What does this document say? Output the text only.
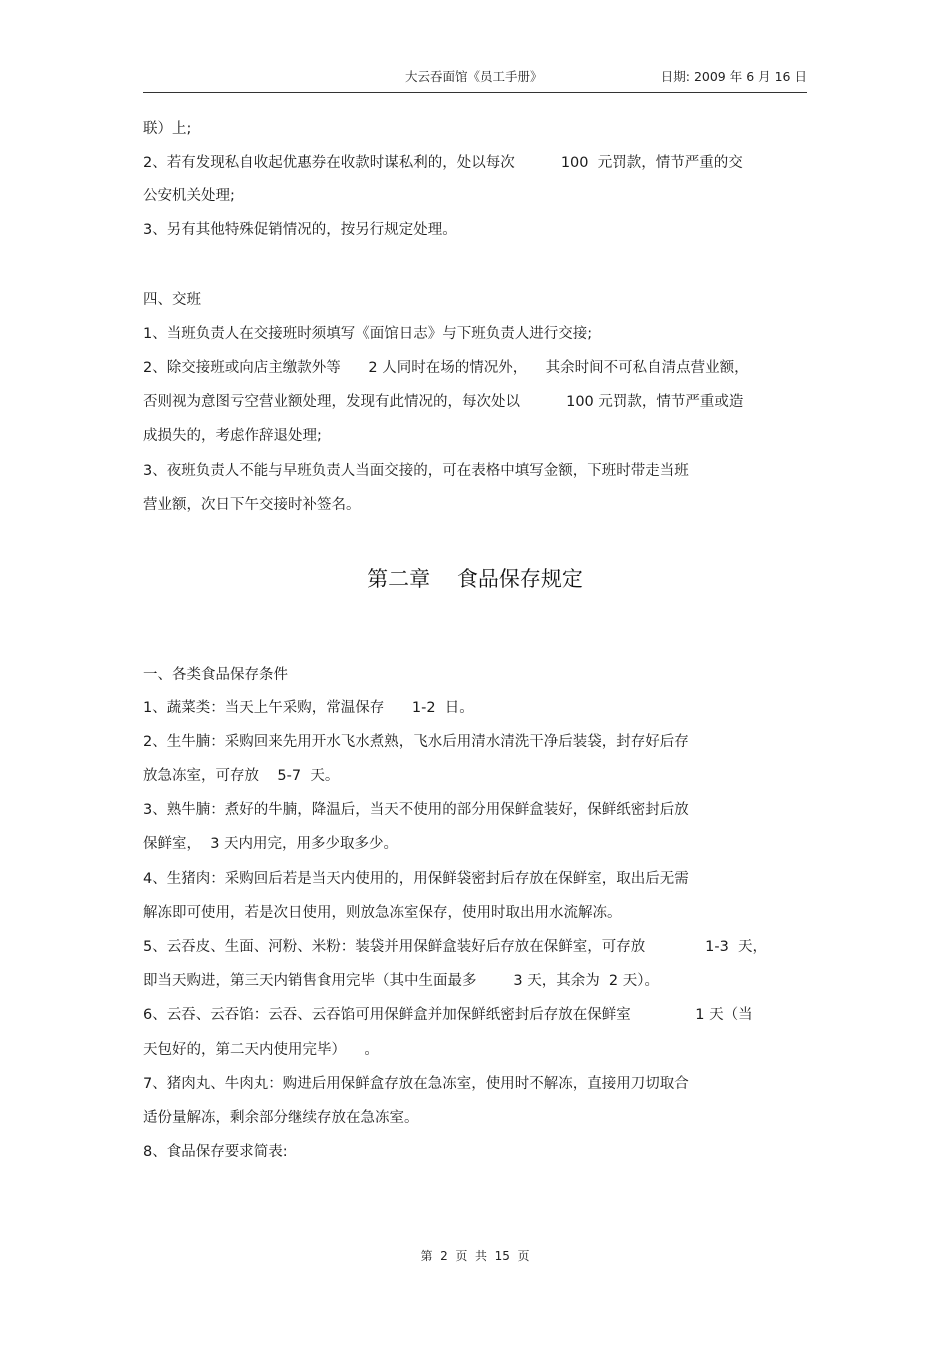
大云吞面馆《员工手册》	日期: 2009 年 6 月 16 日
联）上;
2、若有发现私自收起优惠券在收款时谋私利的，处以每次          100  元罚款，情节严重的交
公安机关处理;
3、另有其他特殊促销情况的，按另行规定处理。
四、交班
1、当班负责人在交接班时须填写《面馆日志》与下班负责人进行交接;
2、除交接班或向店主缴款外等      2 人同时在场的情况外，    其余时间不可私自清点营业额，
否则视为意图亏空营业额处理，发现有此情况的，每次处以          100 元罚款，情节严重或造
成损失的，考虑作辞退处理;
3、夜班负责人不能与早班负责人当面交接的，可在表格中填写金额，下班时带走当班
营业额，次日下午交接时补签名。
第二章    食品保存规定
一、各类食品保存条件
1、蔬菜类：当天上午采购，常温保存      1-2  日。
2、生牛腩：采购回来先用开水飞水煮熟，飞水后用清水清洗干净后装袋，封存好后存
放急冻室，可存放    5-7  天。
3、熟牛腩：煮好的牛腩，降温后，当天不使用的部分用保鲜盒装好，保鲜纸密封后放
保鲜室，  3 天内用完，用多少取多少。
4、生猪肉：采购回后若是当天内使用的，用保鲜袋密封后存放在保鲜室，取出后无需
解冻即可使用，若是次日使用，则放急冻室保存，使用时取出用水流解冻。
5、云吞皮、生面、河粉、米粉：装袋并用保鲜盒装好后存放在保鲜室，可存放             1-3  天，
即当天购进，第三天内销售食用完毕（其中生面最多        3 天，其余为  2 天）。
6、云吞、云吞馅：云吞、云吞馅可用保鲜盒并加保鲜纸密封后存放在保鲜室              1 天（当
天包好的，第二天内使用完毕）    。
7、猪肉丸、牛肉丸：购进后用保鲜盒存放在急冻室，使用时不解冻，直接用刀切取合
适份量解冻，剩余部分继续存放在急冻室。
8、食品保存要求简表:
第  2  页  共  15  页
